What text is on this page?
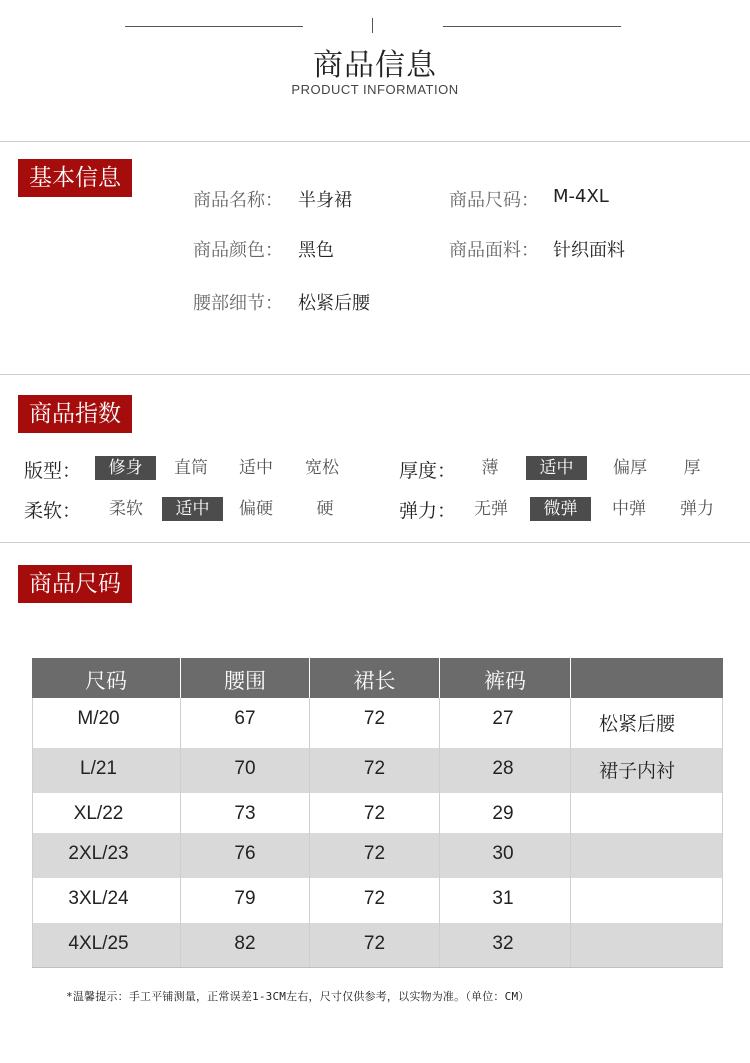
商品信息
PRODUCT INFORMATION
基本信息
商品名称： 半身裙	商品尺码： M-4XL
商品颜色： 黑色	商品面料： 针织面料
腰部细节： 松紧后腰
商品指数
版型：	修身	直筒	适中	宽松	厚度：	薄	适中	偏厚	厚
柔软：	柔软	适中	偏硬	硬	弹力：	无弹	微弹	中弹	弹力
商品尺码
尺码	腰围	裙长	裤码
M/20	67	72	27	松紧后腰
L/21	70	72	28	裙子内衬
XL/22	73	72	29
2XL/23	76	72	30
3XL/24	79	72	31
4XL/25	82	72	32
*温馨提示：手工平铺测量，正常误差1-3CM左右，尺寸仅供参考，以实物为准。（单位：CM）
